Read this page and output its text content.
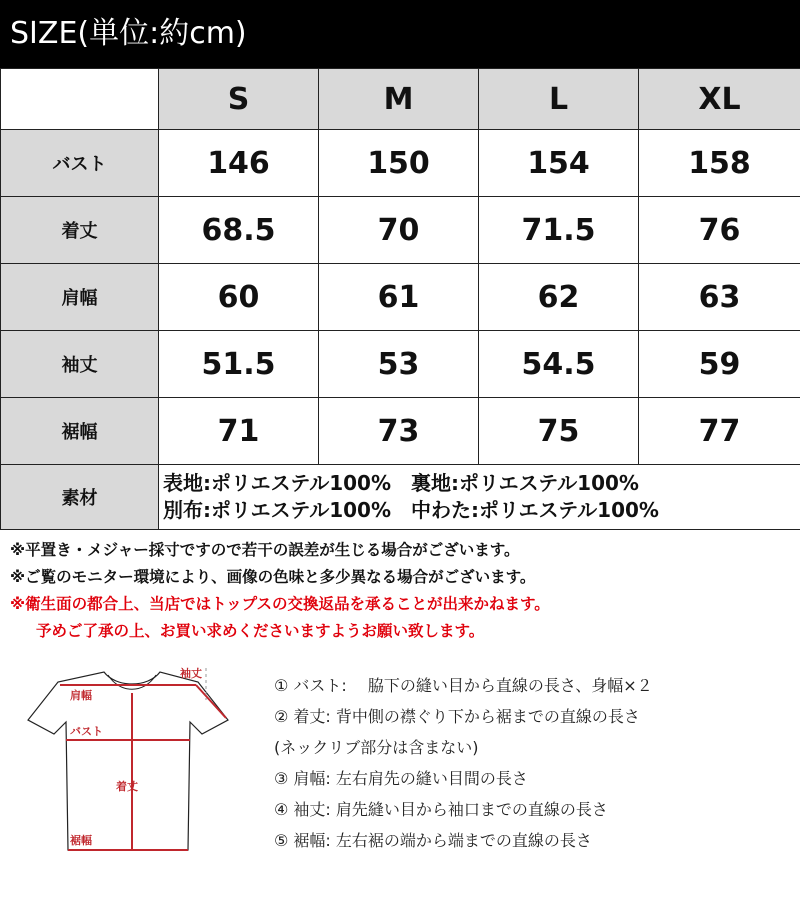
SIZE(単位:約cm)
	S	M	L	XL
バスト	146	150	154	158
着丈	68.5	70	71.5	76
肩幅	60	61	62	63
袖丈	51.5	53	54.5	59
裾幅	71	73	75	77
素材	表地:ポリエステル100%　裏地:ポリエステル100%
別布:ポリエステル100%　中わた:ポリエステル100%			
※平置き・メジャー採寸ですので若干の誤差が生じる場合がございます。
※ご覧のモニター環境により、画像の色味と多少異なる場合がございます。
※衛生面の都合上、当店ではトップスの交換返品を承ることが出来かねます。
予めご了承の上、お買い求めくださいますようお願い致します。
袖丈
肩幅
バスト
着丈
裾幅
① バスト:　 脇下の縫い目から直線の長さ、身幅×２
② 着丈: 背中側の襟ぐり下から裾までの直線の長さ
(ネックリブ部分は含まない)
③ 肩幅: 左右肩先の縫い目間の長さ
④ 袖丈: 肩先縫い目から袖口までの直線の長さ
⑤ 裾幅: 左右裾の端から端までの直線の長さ
